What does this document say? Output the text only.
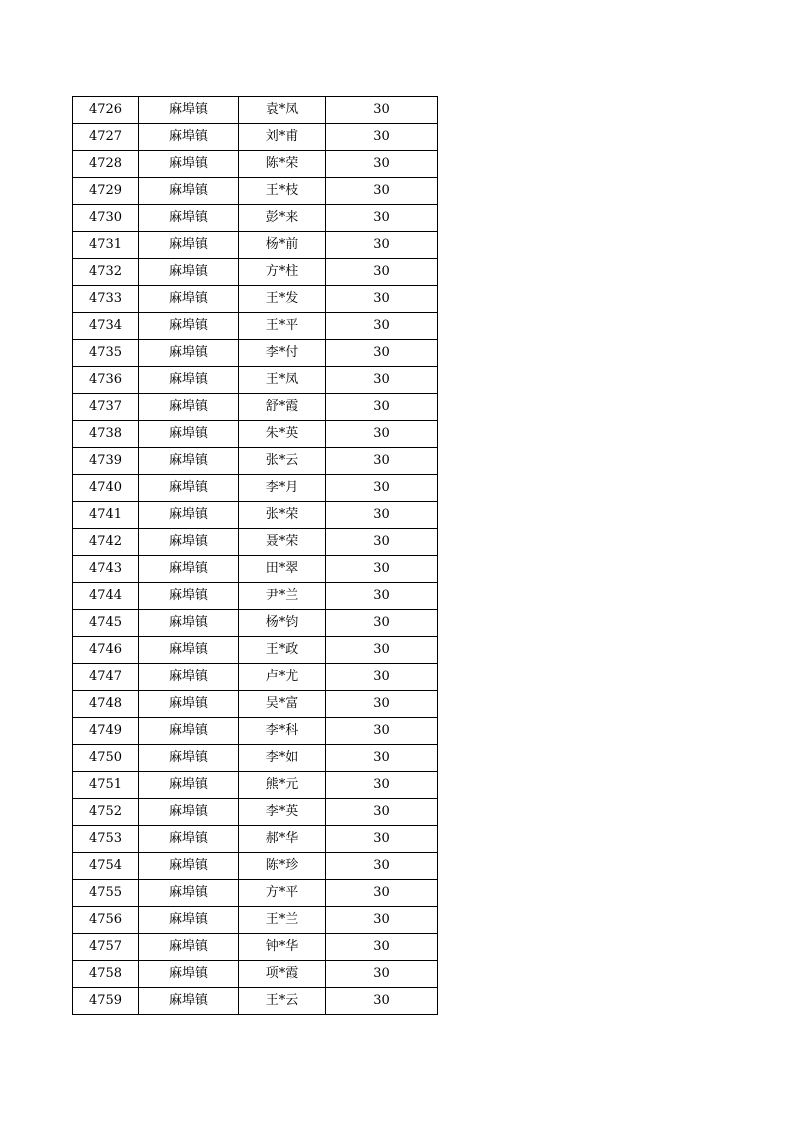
4726	麻埠镇	袁*凤	30
4727	麻埠镇	刘*甫	30
4728	麻埠镇	陈*荣	30
4729	麻埠镇	王*枝	30
4730	麻埠镇	彭*来	30
4731	麻埠镇	杨*前	30
4732	麻埠镇	方*柱	30
4733	麻埠镇	王*发	30
4734	麻埠镇	王*平	30
4735	麻埠镇	李*付	30
4736	麻埠镇	王*凤	30
4737	麻埠镇	舒*霞	30
4738	麻埠镇	朱*英	30
4739	麻埠镇	张*云	30
4740	麻埠镇	李*月	30
4741	麻埠镇	张*荣	30
4742	麻埠镇	聂*荣	30
4743	麻埠镇	田*翠	30
4744	麻埠镇	尹*兰	30
4745	麻埠镇	杨*钧	30
4746	麻埠镇	王*政	30
4747	麻埠镇	卢*尤	30
4748	麻埠镇	吴*富	30
4749	麻埠镇	李*科	30
4750	麻埠镇	李*如	30
4751	麻埠镇	熊*元	30
4752	麻埠镇	李*英	30
4753	麻埠镇	郝*华	30
4754	麻埠镇	陈*珍	30
4755	麻埠镇	方*平	30
4756	麻埠镇	王*兰	30
4757	麻埠镇	钟*华	30
4758	麻埠镇	项*霞	30
4759	麻埠镇	王*云	30
